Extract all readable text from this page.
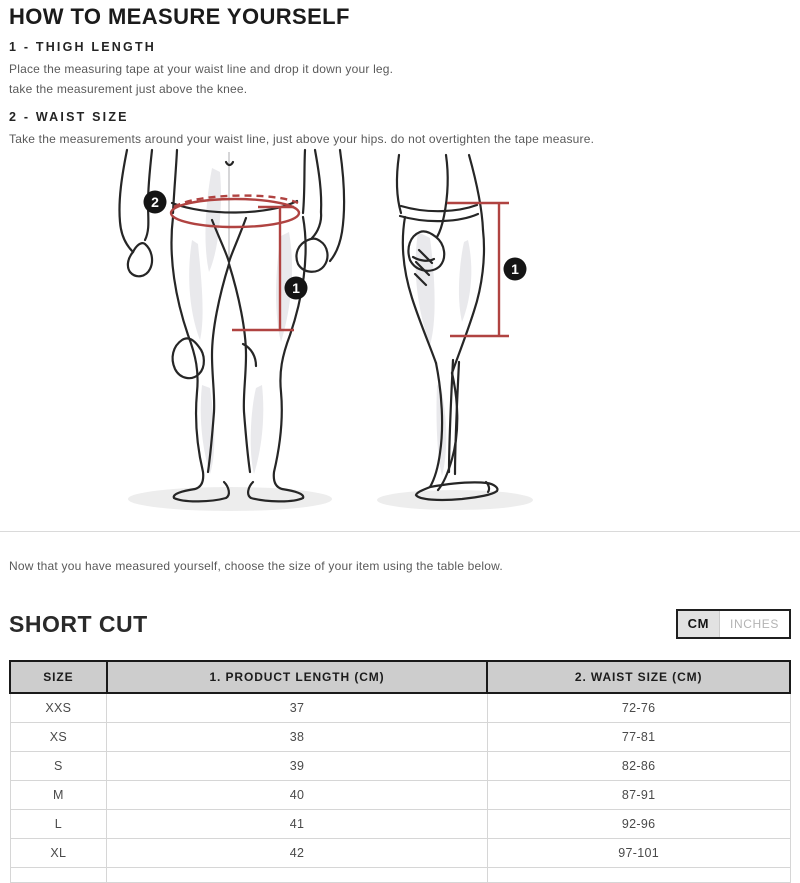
HOW TO MEASURE YOURSELF
1 - THIGH LENGTH

Place the measuring tape at your waist line and drop it down your leg.

take the measurement just above the knee.

2 - WAIST SIZE

Take the measurements around your waist line, just above your hips. do not overtighten the tape measure.

2
1
1

Now that you have measured yourself, choose the size of your item using the table below.

SHORT CUT	CM	INCHES
SIZE	1. PRODUCT LENGTH (CM)	2. WAIST SIZE (CM)
XXS	37	72-76
XS	38	77-81
S	39	82-86
M	40	87-91
L	41	92-96
XL	42	97-101
